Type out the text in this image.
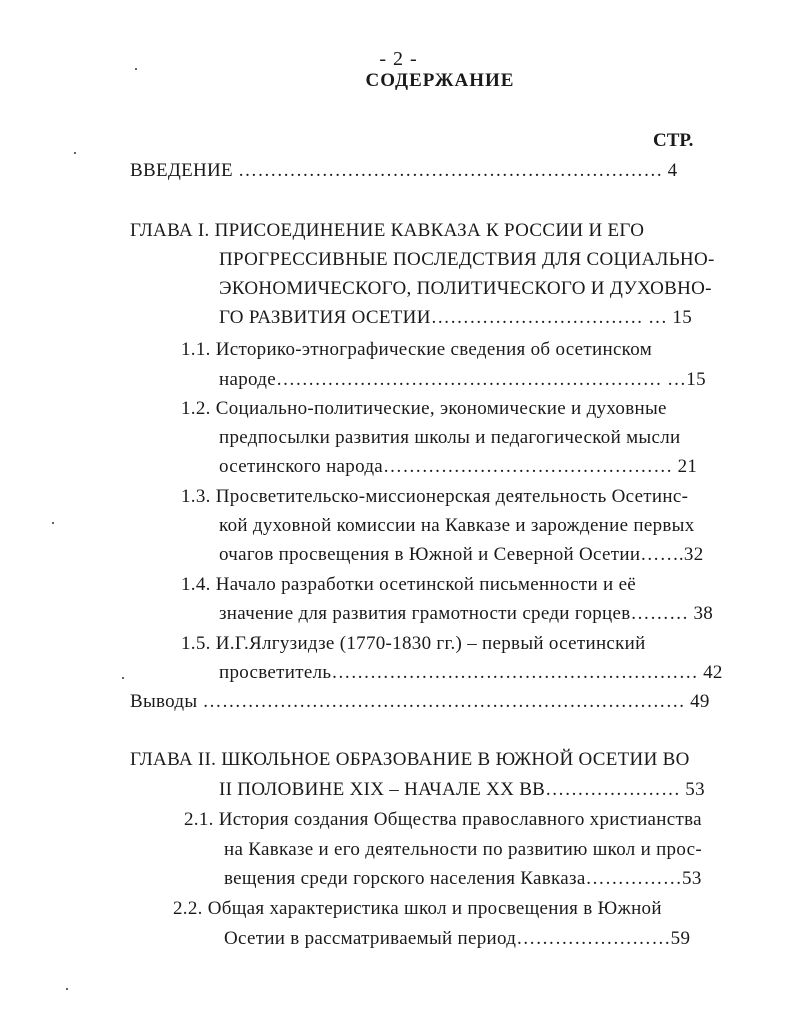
- 2 -
СОДЕРЖАНИЕ
СТР.
ВВЕДЕНИЕ ………………………………………………………… 4
ГЛАВА I. ПРИСОЕДИНЕНИЕ КАВКАЗА К РОССИИ И ЕГО
ПРОГРЕССИВНЫЕ ПОСЛЕДСТВИЯ ДЛЯ СОЦИАЛЬНО-
ЭКОНОМИЧЕСКОГО, ПОЛИТИЧЕСКОГО И ДУХОВНО-
ГО РАЗВИТИЯ ОСЕТИИ…………………………… … 15
1.1. Историко-этнографические сведения об осетинском
народе…………………………………………………… …15
1.2. Социально-политические, экономические и духовные
предпосылки развития школы и педагогической мысли
осетинского народа……………………………………… 21
1.3. Просветительско-миссионерская деятельность Осетинс-
кой духовной комиссии на Кавказе и зарождение первых
очагов просвещения в Южной и Северной Осетии…….32
1.4. Начало разработки осетинской письменности и её
значение для развития грамотности среди горцев……… 38
1.5. И.Г.Ялгузидзе (1770-1830 гг.) – первый осетинский
просветитель………………………………………………… 42
Выводы ………………………………………………………………… 49
ГЛАВА II. ШКОЛЬНОЕ ОБРАЗОВАНИЕ В ЮЖНОЙ ОСЕТИИ ВО
II ПОЛОВИНЕ XIX – НАЧАЛЕ XX ВВ………………… 53
2.1. История создания Общества православного христианства
на Кавказе и его деятельности по развитию школ и прос-
вещения среди горского населения Кавказа……………53
2.2. Общая характеристика школ и просвещения в Южной
Осетии в рассматриваемый период……………………59
